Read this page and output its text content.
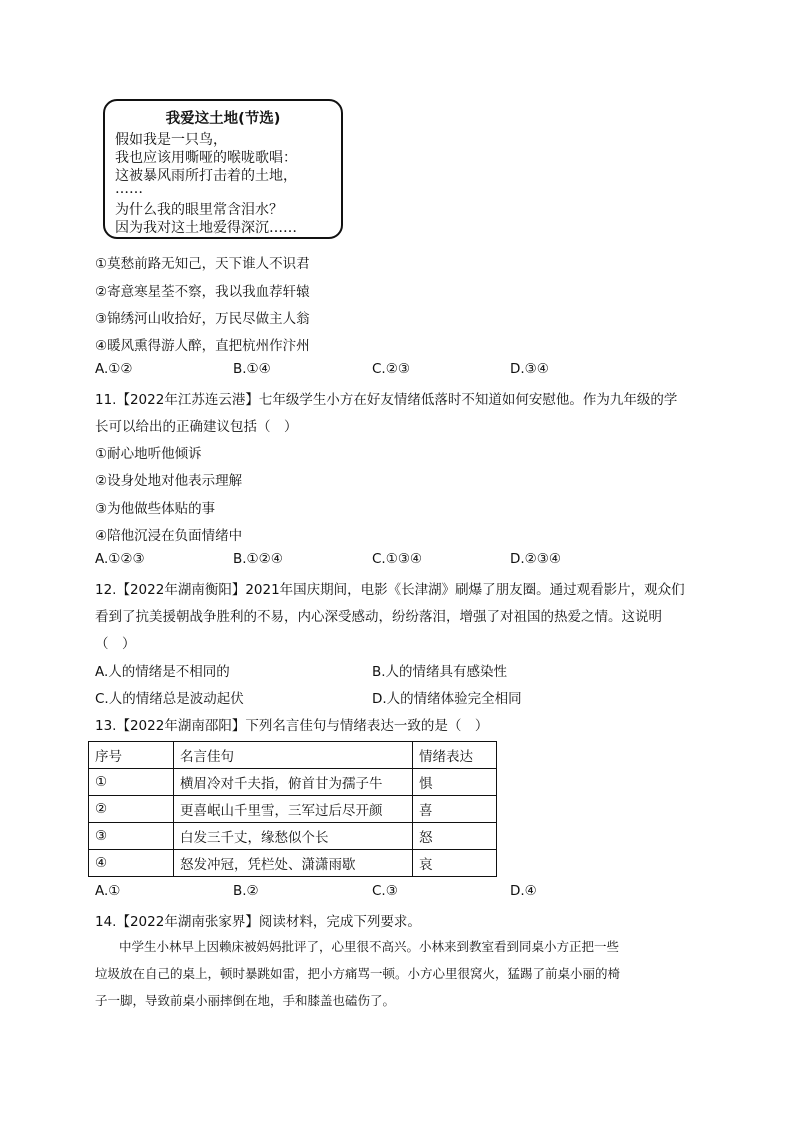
我爱这土地(节选)
假如我是一只鸟，
我也应该用嘶哑的喉咙歌唱：
这被暴风雨所打击着的土地，
……
为什么我的眼里常含泪水？
因为我对这土地爱得深沉……
①莫愁前路无知己，天下谁人不识君
②寄意寒星荃不察，我以我血荐轩辕
③锦绣河山收拾好，万民尽做主人翁
④暖风熏得游人醉，直把杭州作汴州
A.①②	B.①④	C.②③	D.③④
11.【2022年江苏连云港】七年级学生小方在好友情绪低落时不知道如何安慰他。作为九年级的学
长可以给出的正确建议包括（　）
①耐心地听他倾诉
②设身处地对他表示理解
③为他做些体贴的事
④陪他沉浸在负面情绪中
A.①②③	B.①②④	C.①③④	D.②③④
12.【2022年湖南衡阳】2021年国庆期间，电影《长津湖》刷爆了朋友圈。通过观看影片，观众们
看到了抗美援朝战争胜利的不易，内心深受感动，纷纷落泪，增强了对祖国的热爱之情。这说明
（　）
A.人的情绪是不相同的	B.人的情绪具有感染性
C.人的情绪总是波动起伏	D.人的情绪体验完全相同
13.【2022年湖南邵阳】下列名言佳句与情绪表达一致的是（　）
序号	名言佳句	情绪表达
①	横眉冷对千夫指，俯首甘为孺子牛	惧
②	更喜岷山千里雪，三军过后尽开颜	喜
③	白发三千丈，缘愁似个长	怒
④	怒发冲冠，凭栏处、潇潇雨歇	哀
A.①	B.②	C.③	D.④
14.【2022年湖南张家界】阅读材料，完成下列要求。
中学生小林早上因赖床被妈妈批评了，心里很不高兴。小林来到教室看到同桌小方正把一些
垃圾放在自己的桌上，顿时暴跳如雷，把小方痛骂一顿。小方心里很窝火，猛踢了前桌小丽的椅
子一脚，导致前桌小丽摔倒在地，手和膝盖也磕伤了。
